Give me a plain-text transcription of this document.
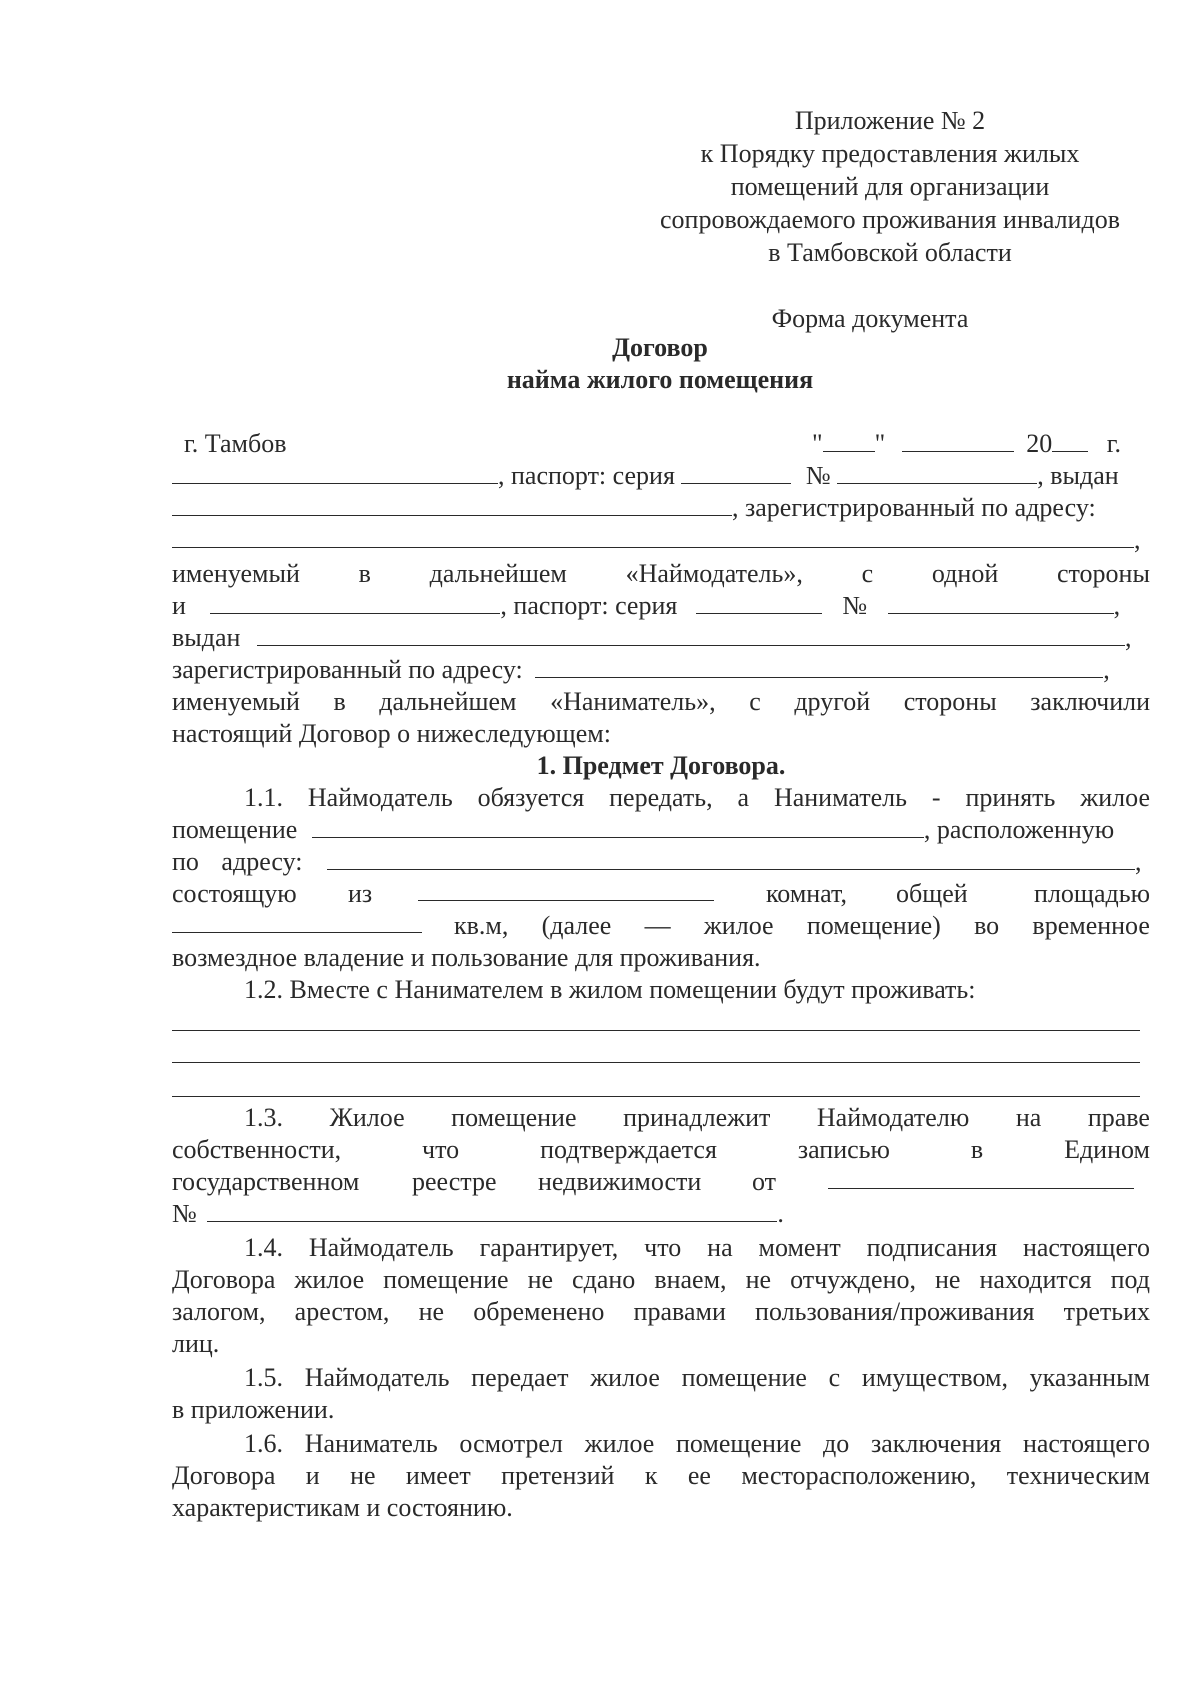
Приложение № 2
к Порядку предоставления жилых
помещений для организации
сопровождаемого проживания инвалидов
в Тамбовской области
Форма документа
Договор
найма жилого помещения
г. Тамбов	" "	20 г.
, паспорт: серия	№	, выдан
, зарегистрированный по адресу:
,
именуемый в дальнейшем «Наймодатель», с одной стороны
и	, паспорт: серия	№	,
выдан	,
зарегистрированный по адресу:	,
именуемый в дальнейшем «Наниматель», с другой стороны заключили
настоящий Договор о нижеследующем:
1. Предмет Договора.
1.1. Наймодатель обязуется передать, а Наниматель - принять жилое
помещение	, расположенную
по адресу:	,
состоящую из	комнат, общей	площадью
кв.м, (далее — жилое помещение) во временное
возмездное владение и пользование для проживания.
1.2. Вместе с Нанимателем в жилом помещении будут проживать:
1.3. Жилое помещение принадлежит Наймодателю на праве
собственности,	что	подтверждается	записью	в	Едином
государственном реестре недвижимости от
№	.
1.4. Наймодатель гарантирует, что на момент подписания настоящего
Договора жилое помещение не сдано внаем, не отчуждено, не находится под
залогом, арестом, не обременено правами пользования/проживания третьих
лиц.
1.5. Наймодатель передает жилое помещение с имуществом, указанным
в приложении.
1.6. Наниматель осмотрел жилое помещение до заключения настоящего
Договора и не имеет претензий к ее месторасположению, техническим
характеристикам и состоянию.
